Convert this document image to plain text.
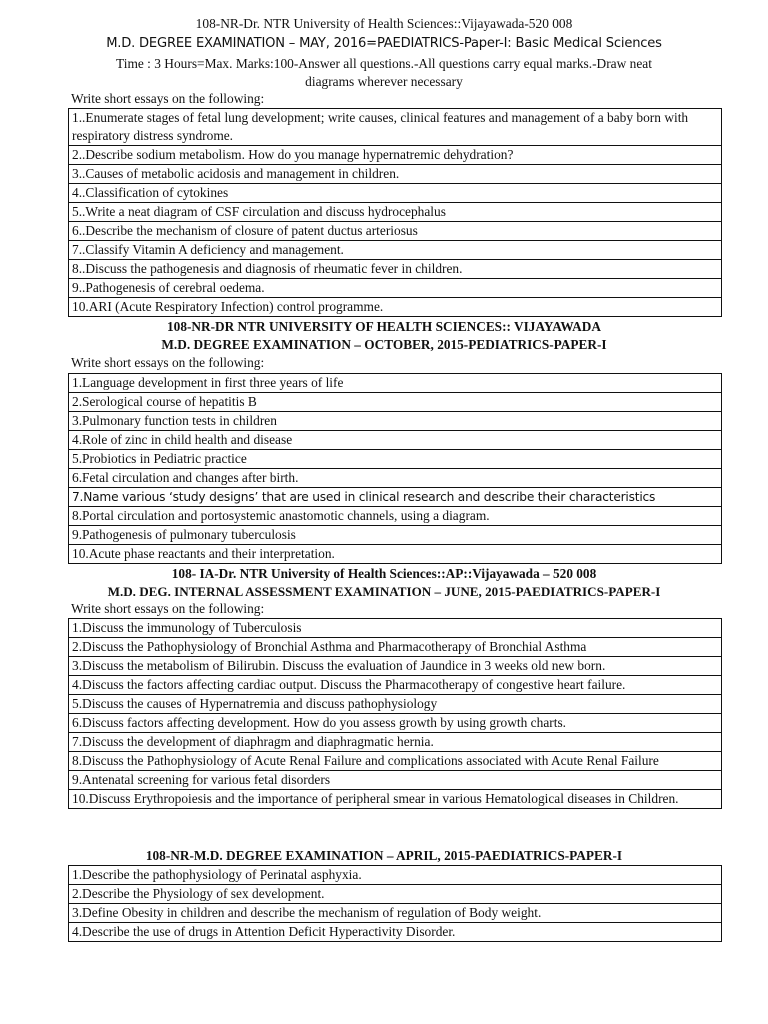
108-NR-Dr. NTR University of Health Sciences::Vijayawada-520 008
M.D. DEGREE EXAMINATION – MAY, 2016=PAEDIATRICS-Paper-I: Basic Medical Sciences
Time : 3 Hours=Max. Marks:100-Answer all questions.-All questions carry equal marks.-Draw neat
diagrams wherever necessary
Write short essays on the following:
1..Enumerate stages of fetal lung development; write causes, clinical features and management of a baby born with respiratory distress syndrome.
2..Describe sodium metabolism. How do you manage hypernatremic dehydration?
3..Causes of metabolic acidosis and management in children.
4..Classification of cytokines
5..Write a neat diagram of CSF circulation and discuss hydrocephalus
6..Describe the mechanism of closure of patent ductus arteriosus
7..Classify Vitamin A deficiency and management.
8..Discuss the pathogenesis and diagnosis of rheumatic fever in children.
9..Pathogenesis of cerebral oedema.
10.ARI (Acute Respiratory Infection) control programme.
108-NR-DR NTR UNIVERSITY OF HEALTH SCIENCES:: VIJAYAWADA
M.D. DEGREE EXAMINATION – OCTOBER, 2015-PEDIATRICS-PAPER-I
Write short essays on the following:
1.Language development in first three years of life
2.Serological course of hepatitis B
3.Pulmonary function tests in children
4.Role of zinc in child health and disease
5.Probiotics in Pediatric practice
6.Fetal circulation and changes after birth.
7.Name various ‘study designs’ that are used in clinical research and describe their characteristics
8.Portal circulation and portosystemic anastomotic channels, using a diagram.
9.Pathogenesis of pulmonary tuberculosis
10.Acute phase reactants and their interpretation.
108- IA-Dr. NTR University of Health Sciences::AP::Vijayawada – 520 008
M.D. DEG. INTERNAL ASSESSMENT EXAMINATION – JUNE, 2015-PAEDIATRICS-PAPER-I
Write short essays on the following:
1.Discuss the immunology of Tuberculosis
2.Discuss the Pathophysiology of Bronchial Asthma and Pharmacotherapy of Bronchial Asthma
3.Discuss the metabolism of Bilirubin. Discuss the evaluation of Jaundice in 3 weeks old new born.
4.Discuss the factors affecting cardiac output. Discuss the Pharmacotherapy of congestive heart failure.
5.Discuss the causes of Hypernatremia and discuss pathophysiology
6.Discuss factors affecting development. How do you assess growth by using growth charts.
7.Discuss the development of diaphragm and diaphragmatic hernia.
8.Discuss the Pathophysiology of Acute Renal Failure and complications associated with Acute Renal Failure
9.Antenatal screening for various fetal disorders
10.Discuss Erythropoiesis and the importance of peripheral smear in various Hematological diseases in Children.
108-NR-M.D. DEGREE EXAMINATION – APRIL, 2015-PAEDIATRICS-PAPER-I
1.Describe the pathophysiology of Perinatal asphyxia.
2.Describe the Physiology of sex development.
3.Define Obesity in children and describe the mechanism of regulation of Body weight.
4.Describe the use of drugs in Attention Deficit Hyperactivity Disorder.
